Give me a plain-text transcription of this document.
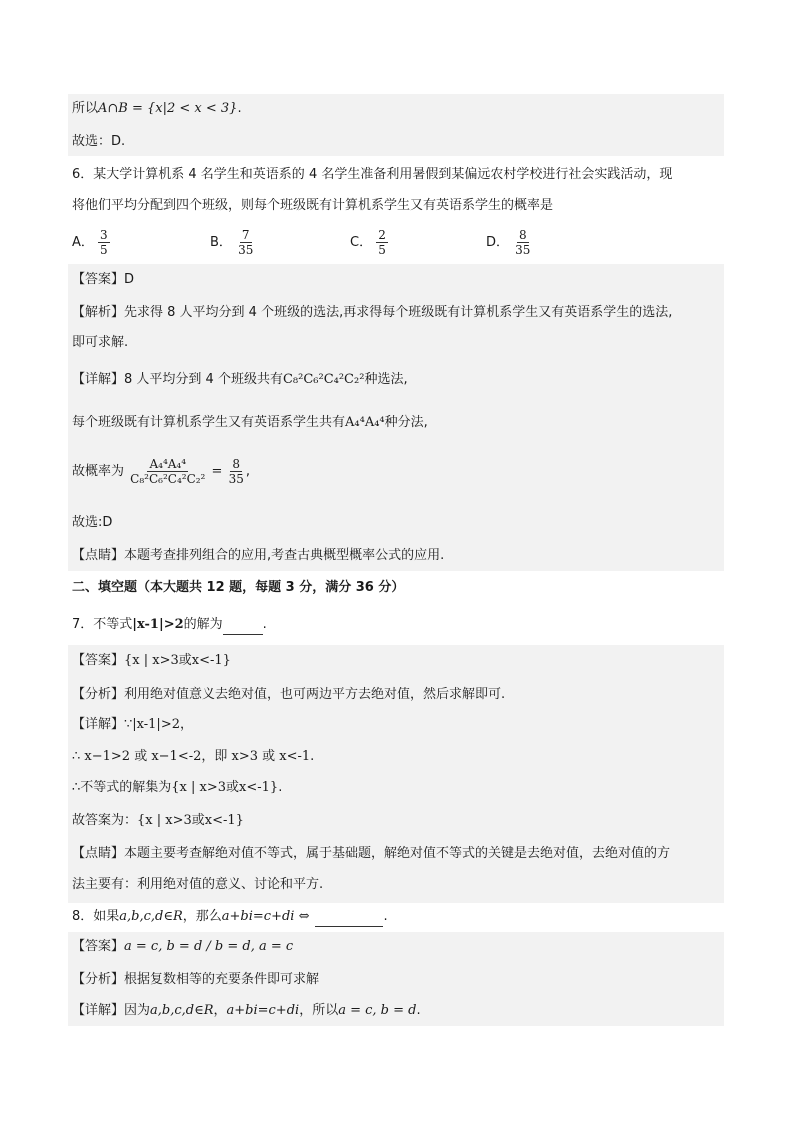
所以A∩B = {x|2 < x < 3}.
故选：D.
6．某大学计算机系 4 名学生和英语系的 4 名学生准备利用暑假到某偏远农村学校进行社会实践活动，现
将他们平均分配到四个班级，则每个班级既有计算机系学生又有英语系学生的概率是
A． $\frac{3}{5}$	B． $\frac{7}{35}$	C． $\frac{2}{5}$	D． $\frac{8}{35}$
【答案】D
【解析】先求得 8 人平均分到 4 个班级的选法,再求得每个班级既有计算机系学生又有英语系学生的选法,
即可求解.
【详解】8 人平均分到 4 个班级共有C₈²C₆²C₄²C₂²种选法,
每个班级既有计算机系学生又有英语系学生共有A₄⁴A₄⁴种分法,
故概率为 $\frac{\text{A₄⁴A₄⁴}}{\text{C₈²C₆²C₄²C₂²}} = \frac{8}{35}$ ,
故选:D
【点睛】本题考查排列组合的应用,考查古典概型概率公式的应用.
二、填空题（本大题共 12 题，每题 3 分，满分 36 分）
7．不等式|x-1|>2的解为	.
【答案】{x | x>3或x<-1}
【分析】利用绝对值意义去绝对值，也可两边平方去绝对值，然后求解即可.
【详解】∵|x-1|>2，
∴ x−1>2 或 x−1<-2，即 x>3 或 x<-1.
∴不等式的解集为{x | x>3或x<-1}.
故答案为：{x | x>3或x<-1}
【点睛】本题主要考查解绝对值不等式，属于基础题，解绝对值不等式的关键是去绝对值，去绝对值的方
法主要有：利用绝对值的意义、讨论和平方.
8．如果a,b,c,d∈R，那么a+bi=c+di ⇔	.
【答案】a = c, b = d / b = d, a = c
【分析】根据复数相等的充要条件即可求解
【详解】因为a,b,c,d∈R，a+bi=c+di，所以a = c, b = d.
